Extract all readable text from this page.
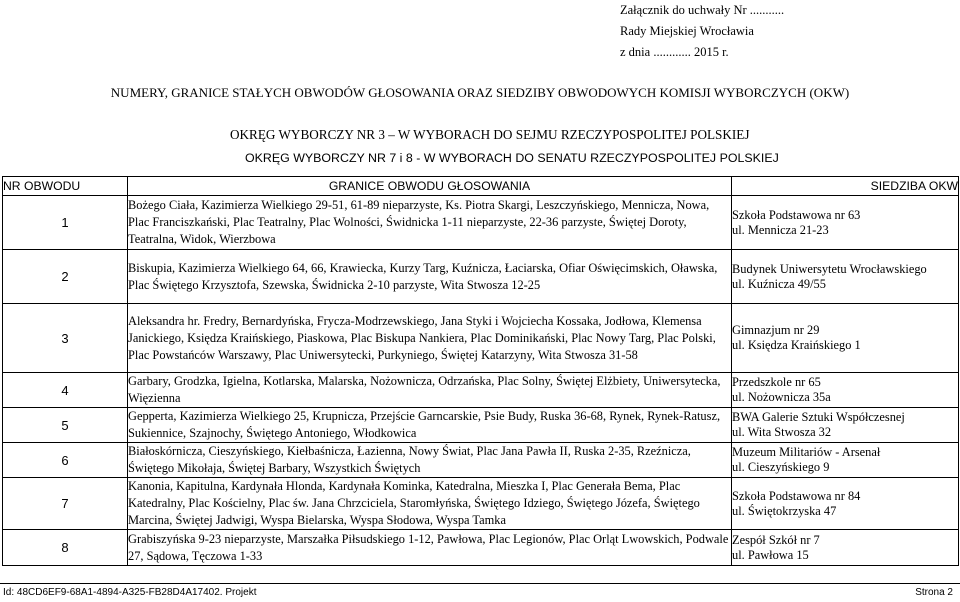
Załącznik do uchwały Nr ...........
Rady Miejskiej Wrocławia
z dnia ............ 2015 r.
NUMERY, GRANICE STAŁYCH OBWODÓW GŁOSOWANIA ORAZ SIEDZIBY OBWODOWYCH KOMISJI WYBORCZYCH (OKW)
OKRĘG WYBORCZY NR 3 – W WYBORACH DO SEJMU RZECZYPOSPOLITEJ POLSKIEJ
OKRĘG WYBORCZY NR 7 i 8 - W WYBORACH DO SENATU RZECZYPOSPOLITEJ POLSKIEJ
NR OBWODU	GRANICE OBWODU GŁOSOWANIA	SIEDZIBA OKW
1	Bożego Ciała, Kazimierza Wielkiego 29-51, 61-89 nieparzyste, Ks. Piotra Skargi, Leszczyńskiego, Mennicza, Nowa, Plac Franciszkański, Plac Teatralny, Plac Wolności, Świdnicka 1-11 nieparzyste, 22-36 parzyste, Świętej Doroty, Teatralna, Widok, Wierzbowa	Szkoła Podstawowa nr 63
ul. Mennicza 21-23

2	Biskupia, Kazimierza Wielkiego 64, 66, Krawiecka, Kurzy Targ, Kuźnicza, Łaciarska, Ofiar Oświęcimskich, Oławska, Plac Świętego Krzysztofa, Szewska, Świdnicka 2-10 parzyste, Wita Stwosza 12-25	Budynek Uniwersytetu Wrocławskiego
ul. Kuźnicza 49/55

3	Aleksandra hr. Fredry, Bernardyńska, Frycza-Modrzewskiego, Jana Styki i Wojciecha Kossaka, Jodłowa, Klemensa Janickiego, Księdza Kraińskiego, Piaskowa, Plac Biskupa Nankiera, Plac Dominikański, Plac Nowy Targ, Plac Polski, Plac Powstańców Warszawy, Plac Uniwersytecki, Purkyniego, Świętej Katarzyny, Wita Stwosza 31-58	Gimnazjum nr 29
ul. Księdza Kraińskiego 1

4	Garbary, Grodzka, Igielna, Kotlarska, Malarska, Nożownicza, Odrzańska, Plac Solny, Świętej Elżbiety, Uniwersytecka, Więzienna	Przedszkole nr 65
ul. Nożownicza 35a

5	Gepperta, Kazimierza Wielkiego 25, Krupnicza, Przejście Garncarskie, Psie Budy, Ruska 36-68, Rynek, Rynek-Ratusz, Sukiennice, Szajnochy, Świętego Antoniego, Włodkowica	BWA Galerie Sztuki Współczesnej
ul. Wita Stwosza 32

6	Białoskórnicza, Cieszyńskiego, Kiełbaśnicza, Łazienna, Nowy Świat, Plac Jana Pawła II, Ruska 2-35, Rzeźnicza, Świętego Mikołaja, Świętej Barbary, Wszystkich Świętych	Muzeum Militariów - Arsenał
ul. Cieszyńskiego 9

7	Kanonia, Kapitulna, Kardynała Hlonda, Kardynała Kominka, Katedralna, Mieszka I, Plac Generała Bema, Plac Katedralny, Plac Kościelny, Plac św. Jana Chrzciciela, Staromłyńska, Świętego Idziego, Świętego Józefa, Świętego Marcina, Świętej Jadwigi, Wyspa Bielarska, Wyspa Słodowa, Wyspa Tamka	Szkoła Podstawowa nr 84
ul. Świętokrzyska 47

8	Grabiszyńska 9-23 nieparzyste, Marszałka Piłsudskiego 1-12, Pawłowa, Plac Legionów, Plac Orląt Lwowskich, Podwale 27, Sądowa, Tęczowa 1-33	Zespół Szkół nr 7
ul. Pawłowa 15
Id: 48CD6EF9-68A1-4894-A325-FB28D4A17402. Projekt	Strona 2
